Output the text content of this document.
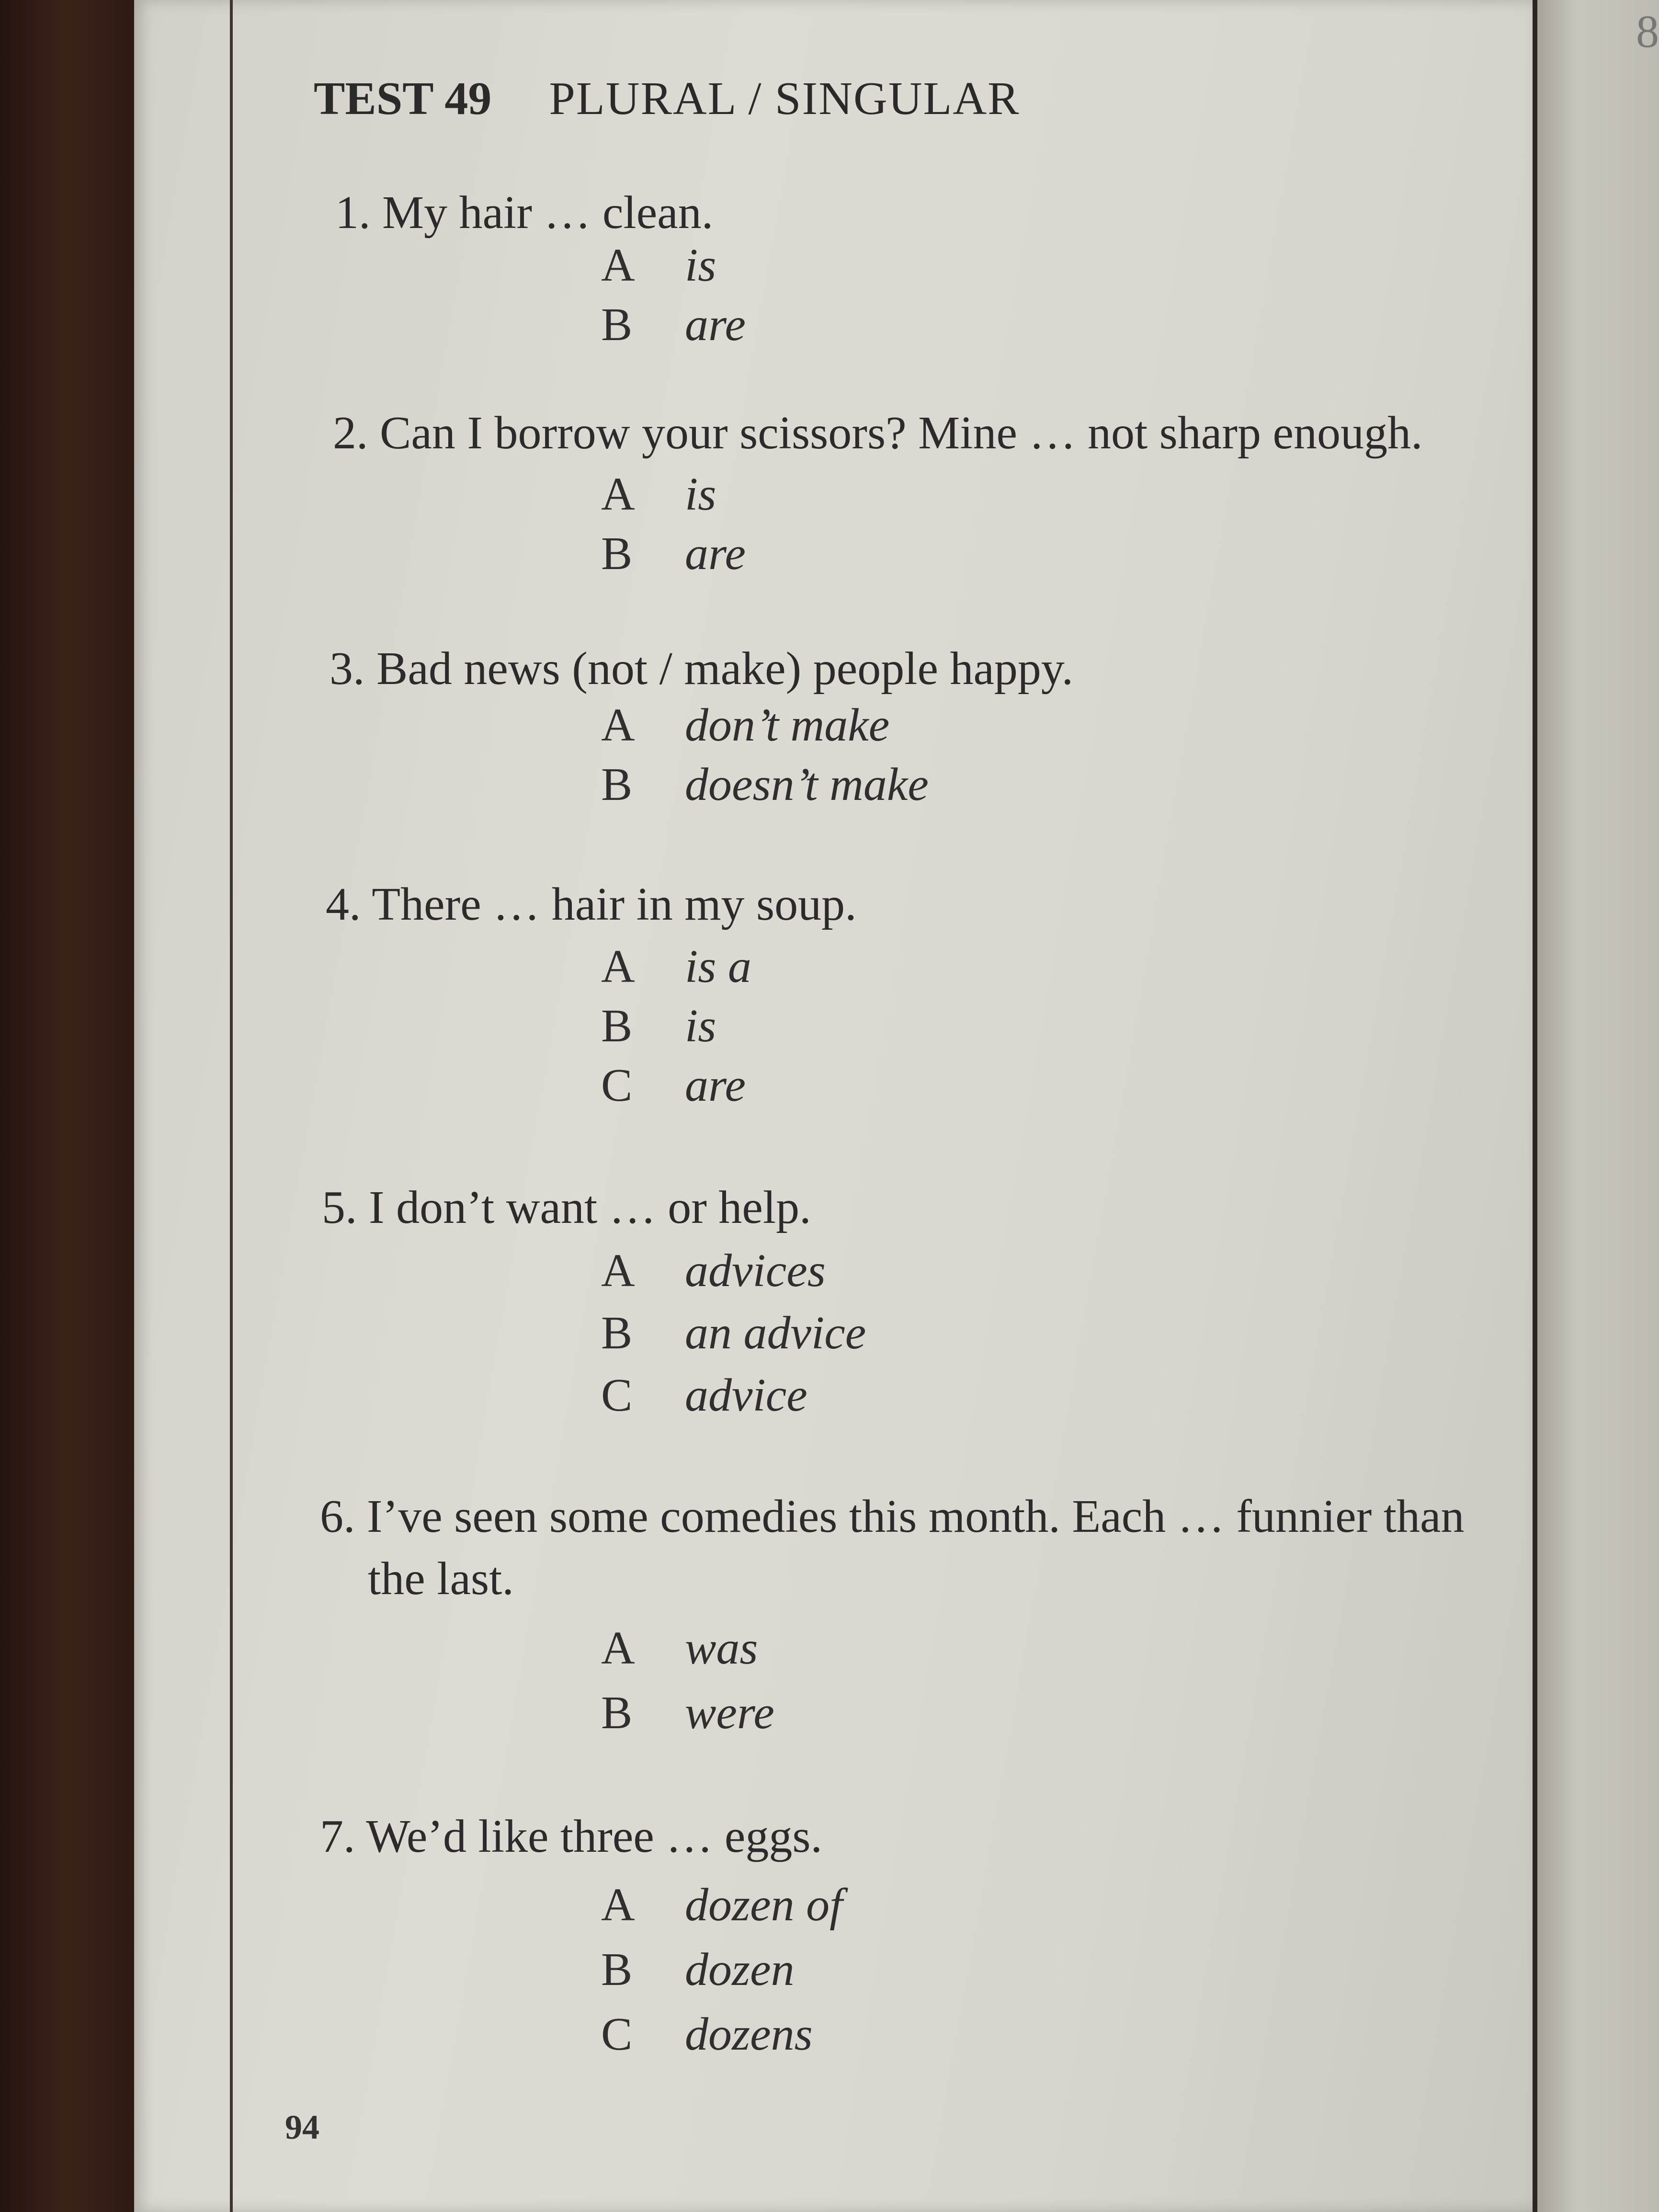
8
TEST 49 PLURAL / SINGULAR
1. My hair … clean.
A is
B are
2. Can I borrow your scissors? Mine … not sharp enough.
A is
B are
3. Bad news (not / make) people happy.
A don’t make
B doesn’t make
4. There … hair in my soup.
A is a
B is
C are
5. I don’t want … or help.
A advices
B an advice
C advice
6. I’ve seen some comedies this month. Each … funnier than
the last.
A was
B were
7. We’d like three … eggs.
A dozen of
B dozen
C dozens
94
